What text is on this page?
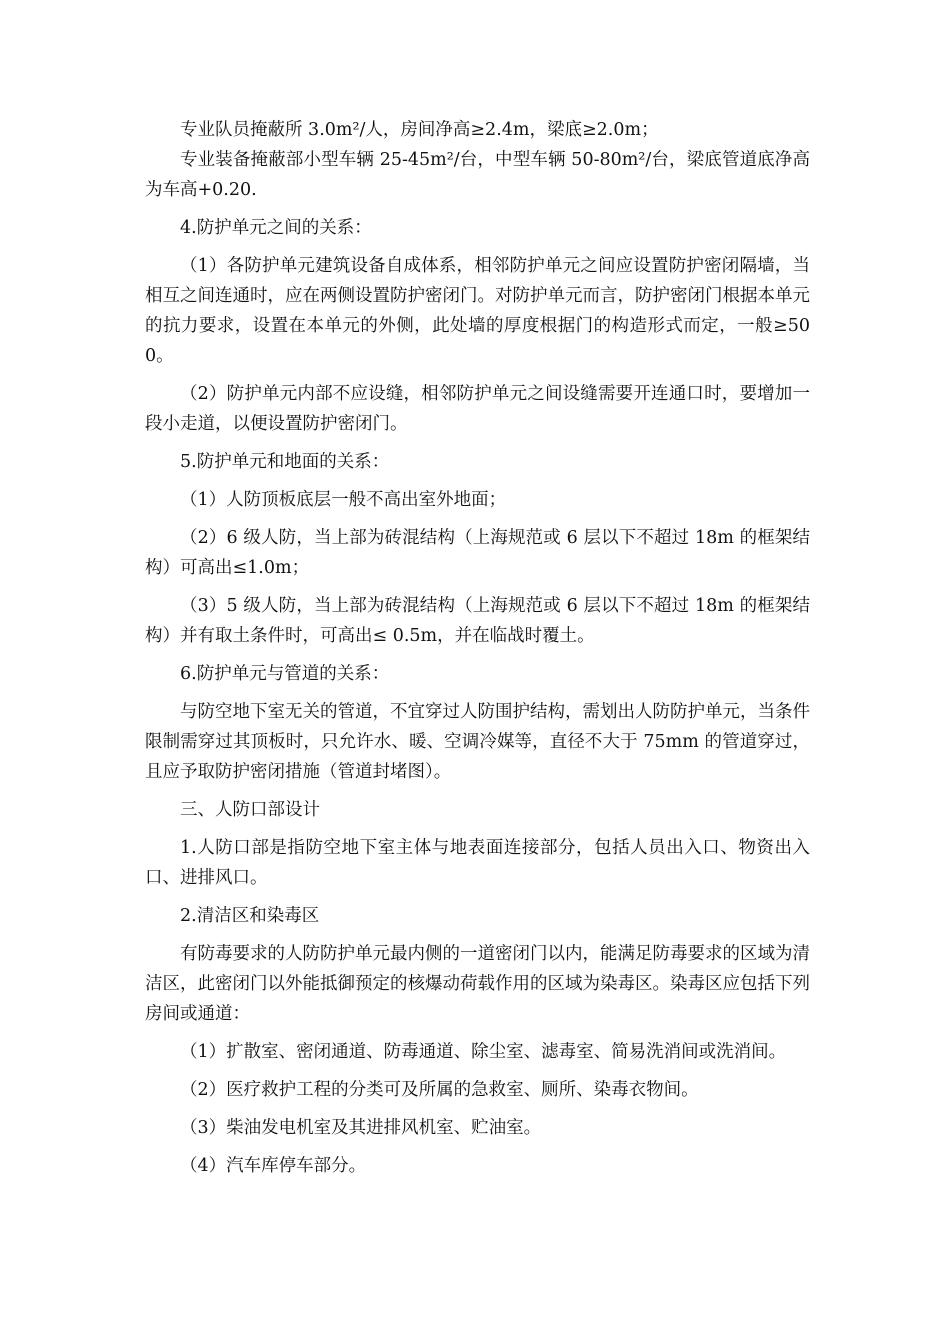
专业队员掩蔽所 3.0m²/人，房间净高≥2.4m，梁底≥2.0m；

专业装备掩蔽部小型车辆 25-45m²/台，中型车辆 50-80m²/台，梁底管道底净高为车高+0.20.

4.防护单元之间的关系：

（1）各防护单元建筑设备自成体系，相邻防护单元之间应设置防护密闭隔墙，当相互之间连通时，应在两侧设置防护密闭门。对防护单元而言，防护密闭门根据本单元的抗力要求，设置在本单元的外侧，此处墙的厚度根据门的构造形式而定，一般≥500。

（2）防护单元内部不应设缝，相邻防护单元之间设缝需要开连通口时，要增加一段小走道，以便设置防护密闭门。

5.防护单元和地面的关系：

（1）人防顶板底层一般不高出室外地面；

（2）6 级人防，当上部为砖混结构（上海规范或 6 层以下不超过 18m 的框架结构）可高出≤1.0m；

（3）5 级人防，当上部为砖混结构（上海规范或 6 层以下不超过 18m 的框架结构）并有取土条件时，可高出≤ 0.5m，并在临战时覆土。

6.防护单元与管道的关系：

与防空地下室无关的管道，不宜穿过人防围护结构，需划出人防防护单元，当条件限制需穿过其顶板时，只允许水、暖、空调冷媒等，直径不大于 75mm 的管道穿过，且应予取防护密闭措施（管道封堵图）。

三、人防口部设计

1.人防口部是指防空地下室主体与地表面连接部分，包括人员出入口、物资出入口、进排风口。

2.清洁区和染毒区

有防毒要求的人防防护单元最内侧的一道密闭门以内，能满足防毒要求的区域为清洁区，此密闭门以外能抵御预定的核爆动荷载作用的区域为染毒区。染毒区应包括下列房间或通道：

（1）扩散室、密闭通道、防毒通道、除尘室、滤毒室、简易洗消间或洗消间。

（2）医疗救护工程的分类可及所属的急救室、厕所、染毒衣物间。

（3）柴油发电机室及其进排风机室、贮油室。

（4）汽车库停车部分。
